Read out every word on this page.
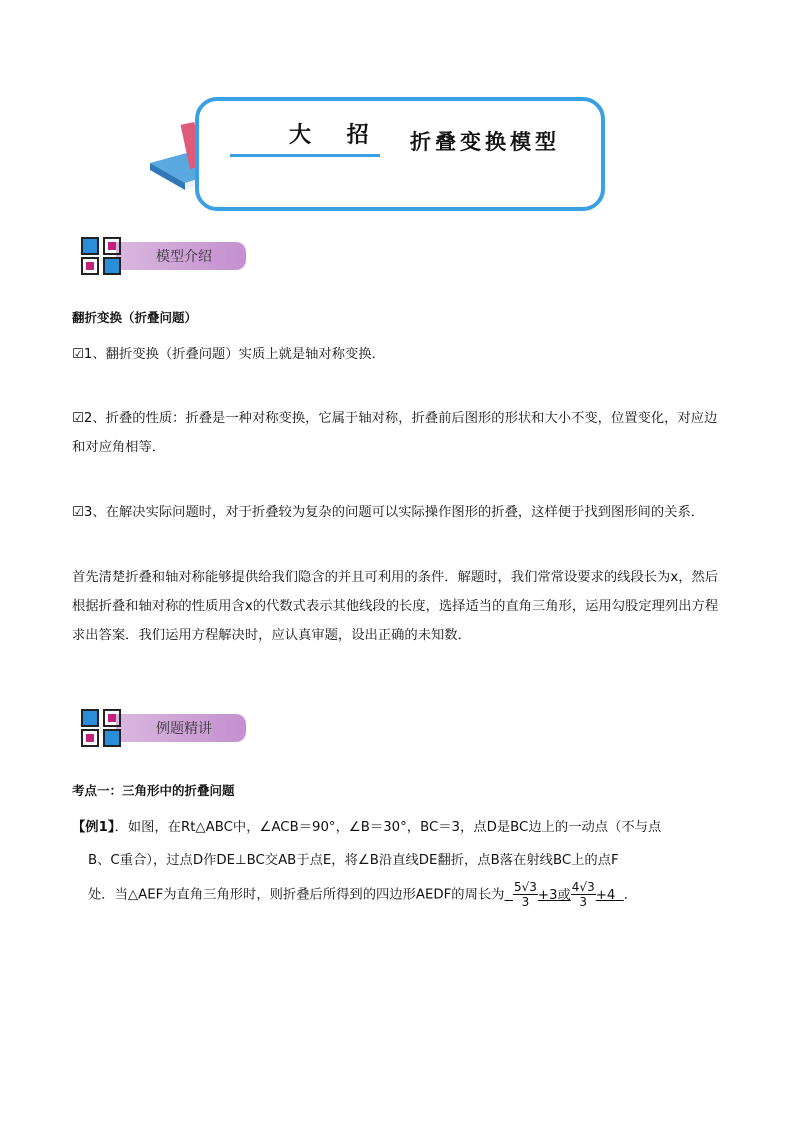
大 招 折叠变换模型
模型介绍
翻折变换（折叠问题）
☑1、翻折变换（折叠问题）实质上就是轴对称变换．
☑2、折叠的性质：折叠是一种对称变换，它属于轴对称，折叠前后图形的形状和大小不变，位置变化，对应边和对应角相等．
☑3、在解决实际问题时，对于折叠较为复杂的问题可以实际操作图形的折叠，这样便于找到图形间的关系．
首先清楚折叠和轴对称能够提供给我们隐含的并且可利用的条件．解题时，我们常常设要求的线段长为x，然后根据折叠和轴对称的性质用含x的代数式表示其他线段的长度，选择适当的直角三角形，运用勾股定理列出方程求出答案．我们运用方程解决时，应认真审题，设出正确的未知数．
例题精讲
考点一：三角形中的折叠问题
【例1】．如图，在Rt△ABC中，∠ACB＝90°，∠B＝30°，BC＝3，点D是BC边上的一动点（不与点
B、C重合），过点D作DE⊥BC交AB于点E，将∠B沿直线DE翻折，点B落在射线BC上的点F
处．当△AEF为直角三角形时，则折叠后所得到的四边形AEDF的周长为 $\frac{5√3}{3} +3$或 $\frac{4√3}{3} +4$ ．
